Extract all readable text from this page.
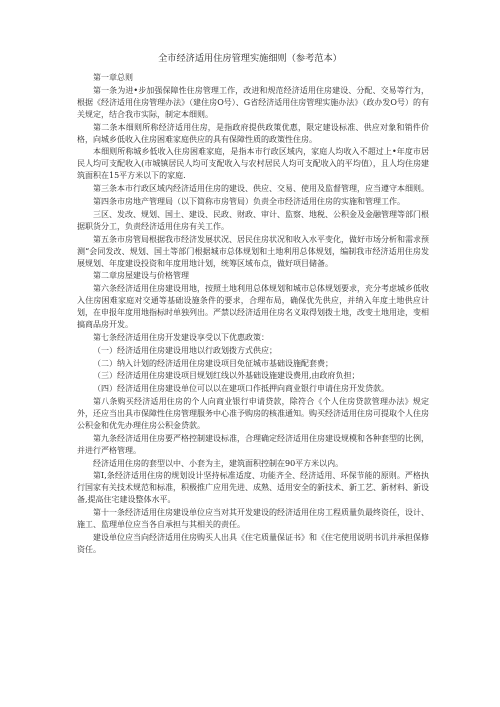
全市经济适用住房管理实施细则（参考范本）

第一章总则

第一条为进•步加强保障性住房管理工作，改进和规范经济适用住房建设、分配、交易等行为，根据《经济适用住房管理办法》（建住房O号）、G省经济适用住房管理实施办法》（政办发O号）的有关规定，结合我市实际，制定本细则。

第二条本细则所称经济适用住房，是指政府提供政策优惠，限定建设标准、供应对象和销件价格，向城乡低收入住房困难家庭供应的具有保障性质的政策性住房。

本细则所称城乡低收入住房困难家庭，是指本市行政区域内，家庭人均收入不超过上•年度市居民人均可支配收入(市城镇居民人均可支配收入与农村居民人均可支配收入的平均值），且人均住房建筑面积在15平方米以下的家庭.

第三条本市行政区域内经济适用住房的建设、供应、交易、使用及监督管理，应当遵守本细则。

第四条市房地产管理局（以下简称市房管局）负责全市经济适用住房的实施和管理工作。

三区、发改、规划、国土、建设、民政、财政、审计、监察、地税、公积金及金融管理等部门根据职货分工，负责经济适用住房有关工作。

第五条市房管局根据我市经济发展状况、居民住房状况和收入水平变化，做好市场分析和需求预测“会同发改、规划、国土等部门根据城市总体规划和土地利用总体规划，编制我市经济适用住房发展规划、年度建设投资和年度用地计划，统筹区域布点，做好项目储备。

第二章房屋建设与价格管理

第六条经济适用住房建设用地，按照土地利用总体规划和城市总体规划要求，充分考虑城乡低收入住房困难家庭对交通等基础设施条件的要求，合理布局，确保优先供应，并纳入年度土地供应计划，在申报年度用地指标时单独列出。严禁以经济适用住房名义取得划拨土地，改变土地用途，变相搞商品房开发。

第七条经济适用住房开发建设享受以下优惠政策：

（一）经济适用住房建设用地以行政划拨方式供应；

（二）纳入计划的经济适用住房建设项目免征城市基础设施配套费；

（三）经济适用住房建设项目规划红线以外基础设施建设费用,由政府负担；

（四）经济适用住房建设单位可以以在建项口作抵押向商业银行申请住房开发贷款。

第八条购买经济适用住房的个人向商业银行申请贷款，除符合《个人住房贷款管理办法》规定外，还应当出具市保障性住房管理服务中心准予购房的核准通知。购买经济适用住房可提取个人住房公积金和优先办理住房公积金贷款。

第九条经济适用住房要严格控制建设标准，合理确定经济适用住房建设规模和各种套型的比例，并进行严格管理。

经济适用住房的套型以中、小套为主，建筑面积控制在90平方米以内。

第I,条经济适用住房的规划设计坚持标准适度、功能齐全、经济适用、环保节能的原则。严格执行国家有关技术规范和标准，积极推广应用先进、成熟、适用安全的新技术、新工艺、新材料、新设备,提高住宅建设整体水平。

第十一条经济适用住房建设单位应当对其开发建设的经济适用住房工程质量负最终资任，设计、施工、监理单位应当各自承担与其相关的责任。

建设单位应当向经济适用住房购买人出具《住宅质量保证书》和《住宅使用说明书讥并承担保修资任。
